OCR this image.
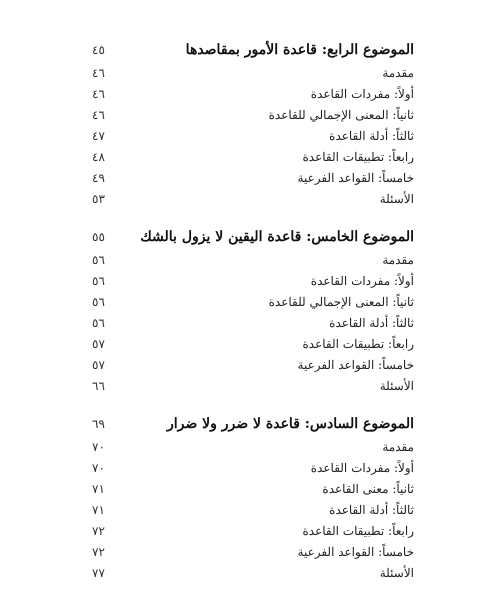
٤٥	الموضوع الرابع: قاعدة الأمور بمقاصدها
٤٦	مقدمة
٤٦	أولاً: مفردات القاعدة
٤٦	ثانياً: المعنى الإجمالي للقاعدة
٤٧	ثالثاً: أدلة القاعدة
٤٨	رابعاً: تطبيقات القاعدة
٤٩	خامساً: القواعد الفرعية
٥٣	الأسئلة
٥٥	الموضوع الخامس: قاعدة اليقين لا يزول بالشك
٥٦	مقدمة
٥٦	أولاً: مفردات القاعدة
٥٦	ثانياً: المعنى الإجمالي للقاعدة
٥٦	ثالثاً: أدلة القاعدة
٥٧	رابعاً: تطبيقات القاعدة
٥٧	خامساً: القواعد الفرعية
٦٦	الأسئلة
٦٩	الموضوع السادس: قاعدة لا ضرر ولا ضرار
٧٠	مقدمة
٧٠	أولاً: مفردات القاعدة
٧١	ثانياً: معنى القاعدة
٧١	ثالثاً: أدلة القاعدة
٧٢	رابعاً: تطبيقات القاعدة
٧٢	خامساً: القواعد الفرعية
٧٧	الأسئلة
